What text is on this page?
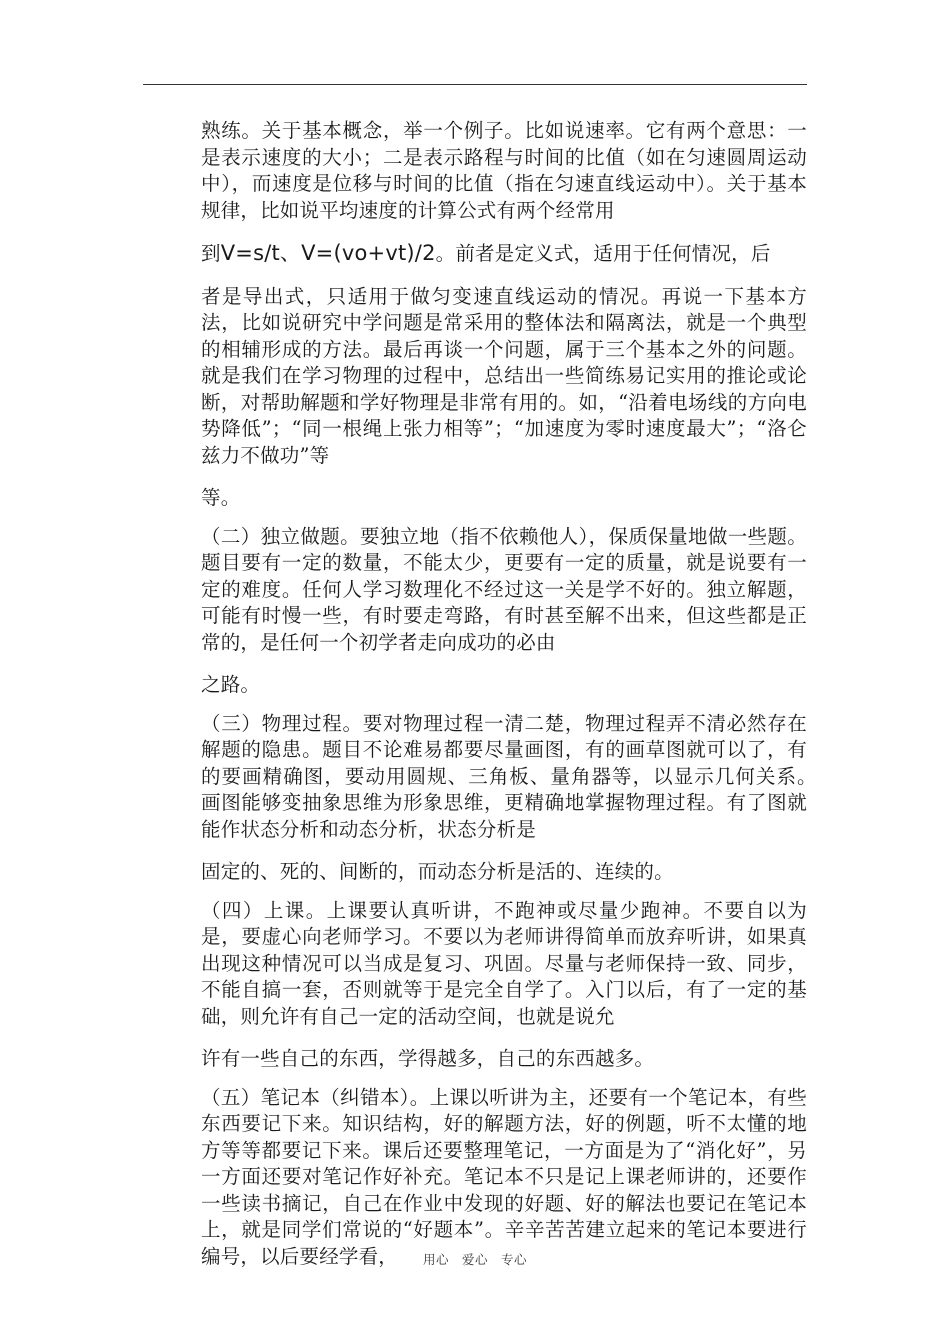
熟练。关于基本概念，举一个例子。比如说速率。它有两个意思：一是表示速度的大小；二是表示路程与时间的比值（如在匀速圆周运动中），而速度是位移与时间的比值（指在匀速直线运动中）。关于基本规律，比如说平均速度的计算公式有两个经常用
到V=s/t、V=(vo+vt)/2。前者是定义式，适用于任何情况，后
者是导出式，只适用于做匀变速直线运动的情况。再说一下基本方法，比如说研究中学问题是常采用的整体法和隔离法，就是一个典型的相辅形成的方法。最后再谈一个问题，属于三个基本之外的问题。就是我们在学习物理的过程中，总结出一些简练易记实用的推论或论断，对帮助解题和学好物理是非常有用的。如，“沿着电场线的方向电势降低”；“同一根绳上张力相等”；“加速度为零时速度最大”；“洛仑兹力不做功”等
等。

（二）独立做题。要独立地（指不依赖他人），保质保量地做一些题。题目要有一定的数量，不能太少，更要有一定的质量，就是说要有一定的难度。任何人学习数理化不经过这一关是学不好的。独立解题，可能有时慢一些，有时要走弯路，有时甚至解不出来，但这些都是正常的，是任何一个初学者走向成功的必由
之路。

（三）物理过程。要对物理过程一清二楚，物理过程弄不清必然存在解题的隐患。题目不论难易都要尽量画图，有的画草图就可以了，有的要画精确图，要动用圆规、三角板、量角器等，以显示几何关系。　画图能够变抽象思维为形象思维，更精确地掌握物理过程。有了图就能作状态分析和动态分析，状态分析是
固定的、死的、间断的，而动态分析是活的、连续的。

（四）上课。上课要认真听讲，不跑神或尽量少跑神。不要自以为是，要虚心向老师学习。不要以为老师讲得简单而放弃听讲，如果真出现这种情况可以当成是复习、巩固。尽量与老师保持一致、同步，不能自搞一套，否则就等于是完全自学了。入门以后，有了一定的基础，则允许有自己一定的活动空间，也就是说允
许有一些自己的东西，学得越多，自己的东西越多。

（五）笔记本（纠错本）。上课以听讲为主，还要有一个笔记本，有些东西要记下来。知识结构，好的解题方法，好的例题，听不太懂的地方等等都要记下来。课后还要整理笔记，一方面是为了“消化好”，另一方面还要对笔记作好补充。笔记本不只是记上课老师讲的，还要作一些读书摘记，自己在作业中发现的好题、好的解法也要记在笔记本上，就是同学们常说的“好题本”。辛辛苦苦建立起来的笔记本要进行编号，以后要经学看，	用心　爱心　专心
